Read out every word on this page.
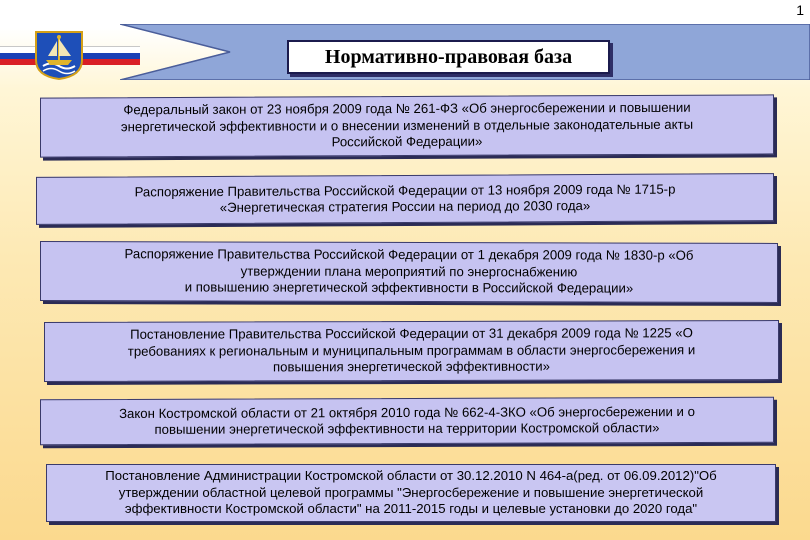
1
Нормативно-правовая база
Федеральный закон от 23 ноября 2009 года № 261-ФЗ «Об энергосбережении и повышении
энергетической эффективности и о внесении изменений в отдельные законодательные акты
Российской Федерации»
Распоряжение Правительства Российской Федерации от 13 ноября 2009 года № 1715-р
«Энергетическая стратегия России на период до 2030 года»
Распоряжение Правительства Российской Федерации от 1 декабря 2009 года № 1830-р «Об
утверждении плана мероприятий по энергоснабжению
и повышению энергетической эффективности в Российской Федерации»
Постановление Правительства Российской Федерации от 31 декабря 2009 года № 1225 «О
требованиях к региональным и муниципальным программам в области энергосбережения и
повышения энергетической эффективности»
Закон Костромской области от 21 октября 2010 года № 662-4-ЗКО «Об энергосбережении и о
повышении энергетической эффективности на территории Костромской области»
Постановление Администрации Костромской области от 30.12.2010 N 464-а(ред. от 06.09.2012)"Об
утверждении областной целевой программы "Энергосбережение и повышение энергетической
эффективности Костромской области" на 2011-2015 годы и целевые установки до 2020 года"
